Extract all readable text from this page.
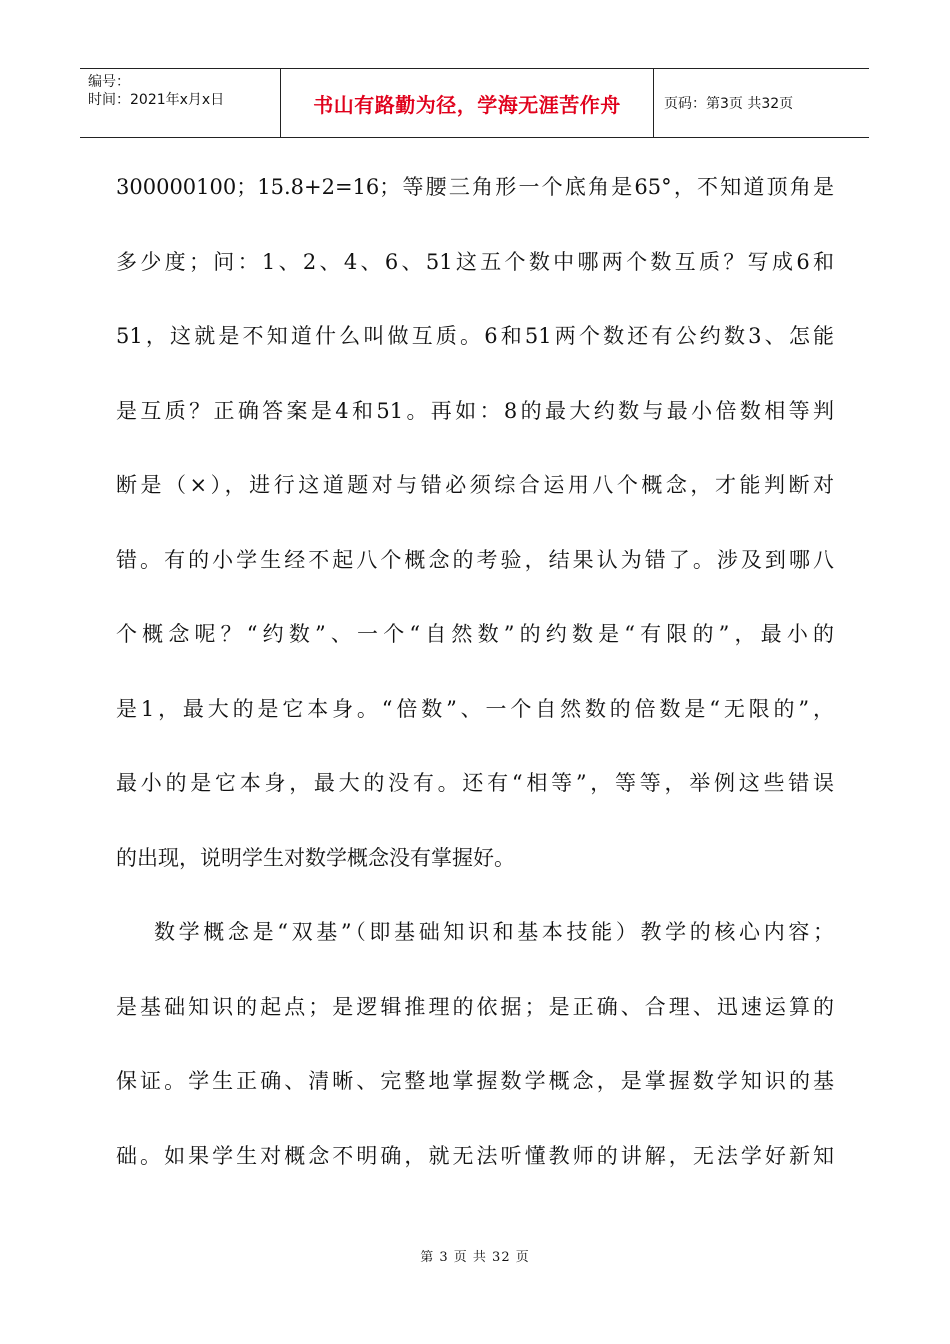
编号：
时间：2021年x月x日	书山有路勤为径，学海无涯苦作舟	页码：第3页 共32页
300000100；15.8+2=16；等腰三角形一个底角是65°，不知道顶角是
多少度；问：1、2、4、6、51这五个数中哪两个数互质？写成6和
51，这就是不知道什么叫做互质。6和51两个数还有公约数3、怎能
是互质？正确答案是4和51。再如：8的最大约数与最小倍数相等判
断是（×），进行这道题对与错必须综合运用八个概念，才能判断对
错。有的小学生经不起八个概念的考验，结果认为错了。涉及到哪八
个概念呢？“约数”、一个“自然数”的约数是“有限的”，最小的
是1，最大的是它本身。“倍数”、一个自然数的倍数是“无限的”，
最小的是它本身，最大的没有。还有“相等”，等等，举例这些错误
的出现，说明学生对数学概念没有掌握好。
数学概念是“双基”（即基础知识和基本技能）教学的核心内容；
是基础知识的起点；是逻辑推理的依据；是正确、合理、迅速运算的
保证。学生正确、清晰、完整地掌握数学概念，是掌握数学知识的基
础。如果学生对概念不明确，就无法听懂教师的讲解，无法学好新知
第 3 页 共 32 页
